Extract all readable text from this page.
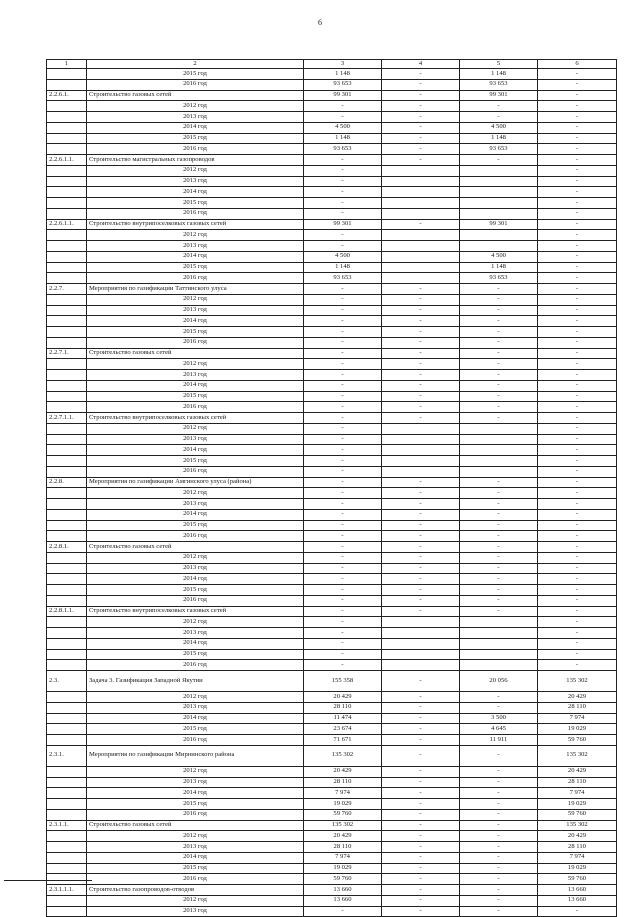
6
1	2	3	4	5	6
	2015 год	1 148	-	1 148	-
	2016 год	93 653	-	93 653	-
2.2.6.1.	Строительство газовых сетей	99 301	-	99 301	-
	2012 год	-	-	-	-
	2013 год	-	-	-	-
	2014 год	4 500	-	4 500	-
	2015 год	1 148	-	1 148	-
	2016 год	93 653	-	93 653	-
2.2.6.1.1.	Строительство магистральных газопроводов	-	-	-	-
	2012 год	-			-
	2013 год	-			-
	2014 год	-			-
	2015 год	-			-
	2016 год	-			-
2.2.6.1.1.	Строительство внутрипоселковых газовых сетей	99 301	-	99 301	-
	2012 год	-			-
	2013 год	-			-
	2014 год	4 500		4 500	-
	2015 год	1 148		1 148	-
	2016 год	93 653		93 653	-
2.2.7.	Мероприятия по газификации Таттинского улуса	-	-	-	-
	2012 год	-	-	-	-
	2013 год	-	-	-	-
	2014 год	-	-	-	-
	2015 год	-	-	-	-
	2016 год	-	-	-	-
2.2.7.1.	Строительство газовых сетей	-	-	-	-
	2012 год	-	-	-	-
	2013 год	-	-	-	-
	2014 год	-	-	-	-
	2015 год	-	-	-	-
	2016 год	-	-	-	-
2.2.7.1.1.	Строительство внутрипоселковых газовых сетей	-	-	-	-
	2012 год	-			-
	2013 год	-			-
	2014 год	-			-
	2015 год	-			-
	2016 год	-			-
2.2.8.	Мероприятия по газификации Амгинского улуса (района)	-	-	-	-
	2012 год	-	-	-	-
	2013 год	-	-	-	-
	2014 год	-	-	-	-
	2015 год	-	-	-	-
	2016 год	-	-	-	-
2.2.8.1.	Строительство газовых сетей	-	-	-	-
	2012 год	-	-	-	-
	2013 год	-	-	-	-
	2014 год	-	-	-	-
	2015 год	-	-	-	-
	2016 год	-	-	-	-
2.2.8.1.1.	Строительство внутрипоселковых газовых сетей	-	-	-	-
	2012 год	-			-
	2013 год	-			-
	2014 год	-			-
	2015 год	-			-
	2016 год	-			-
2.3.	Задача 3. Газификация Западной Якутии	155 358	-	20 056	135 302
	2012 год	20 429	-	-	20 429
	2013 год	28 110	-	-	28 110
	2014 год	11 474	-	3 500	7 974
	2015 год	23 674	-	4 645	19 029
	2016 год	71 671	-	11 911	59 760
2.3.1.	Мероприятия по газификации Мирнинского района	135 302	-	-	135 302
	2012 год	20 429	-	-	20 429
	2013 год	28 110	-	-	28 110
	2014 год	7 974	-	-	7 974
	2015 год	19 029	-	-	19 029
	2016 год	59 760	-	-	59 760
2.3.1.1.	Строительство газовых сетей	135 302	-	-	135 302
	2012 год	20 429	-	-	20 429
	2013 год	28 110	-	-	28 110
	2014 год	7 974	-	-	7 974
	2015 год	19 029	-	-	19 029
	2016 год	59 760	-	-	59 760
2.3.1.1.1.	Строительство газопроводов-отводов	13 660	-	-	13 660
	2012 год	13 660	-	-	13 660
	2013 год	-	-	-	-
